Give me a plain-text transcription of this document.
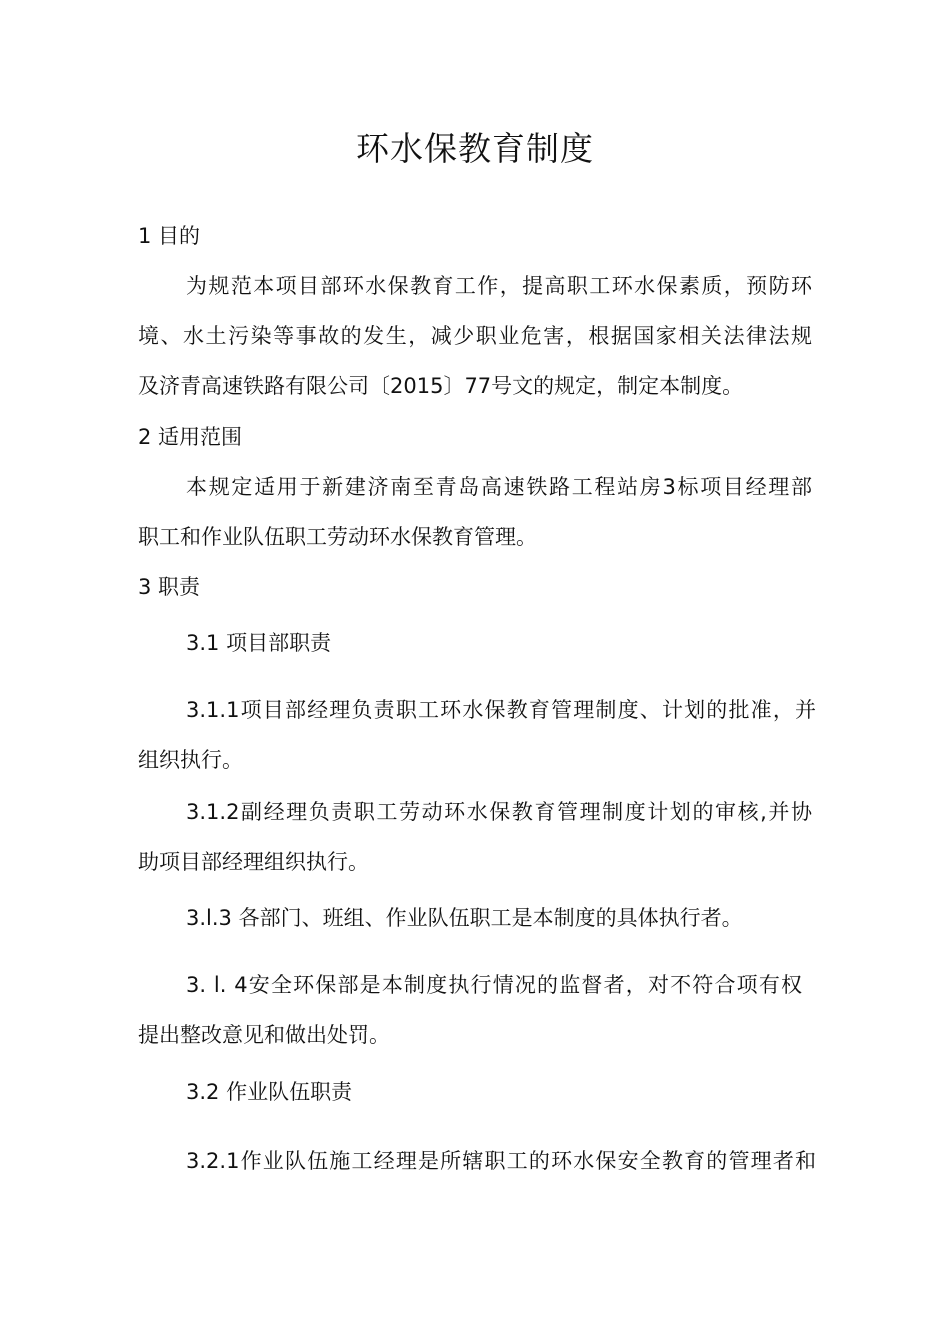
环水保教育制度
1 目的
为规范本项目部环水保教育工作，提高职工环水保素质，预防环
境、水土污染等事故的发生，减少职业危害，根据国家相关法律法规
及济青高速铁路有限公司〔2015〕77号文的规定，制定本制度。
2 适用范围
本规定适用于新建济南至青岛高速铁路工程站房3标项目经理部
职工和作业队伍职工劳动环水保教育管理。
3 职责
3.1 项目部职责
3.1.1项目部经理负责职工环水保教育管理制度、计划的批准，并
组织执行。
3.1.2副经理负责职工劳动环水保教育管理制度计划的审核,并协
助项目部经理组织执行。
3.l.3 各部门、班组、作业队伍职工是本制度的具体执行者。
3. l. 4安全环保部是本制度执行情况的监督者，对不符合项有权
提出整改意见和做出处罚。
3.2 作业队伍职责
3.2.1作业队伍施工经理是所辖职工的环水保安全教育的管理者和
